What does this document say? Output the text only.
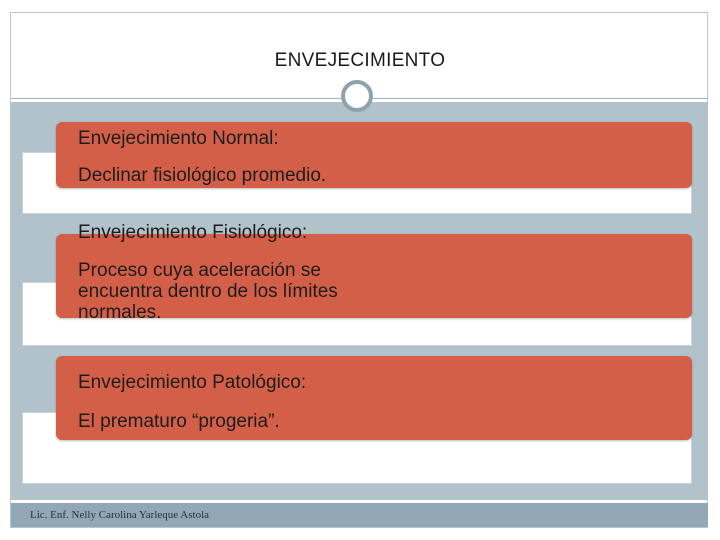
ENVEJECIMIENTO
Envejecimiento Normal:
Declinar fisiológico promedio.
Envejecimiento Fisiológico:
Proceso cuya aceleración se
encuentra dentro de los límites
normales.
Envejecimiento Patológico:
El prematuro “progeria”.
Lic. Enf. Nelly Carolina Yarleque Astola
